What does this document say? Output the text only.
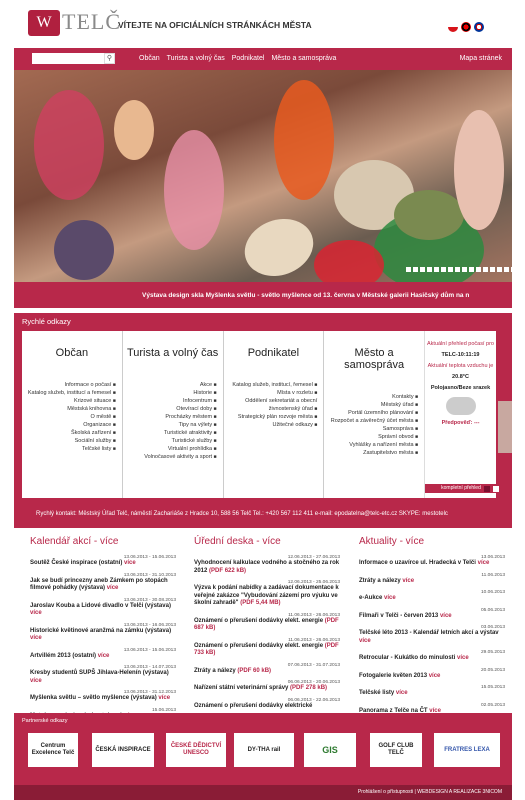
W TELČ
VÍTEJTE NA OFICIÁLNÍCH STRÁNKÁCH MĚSTA
⚲	Občan Turista a volný čas Podnikatel Město a samospráva	Mapa stránek
Výstava design skla Myšlenka světlu - světlo myšlence od 13. června v Městské galerii Hasičský dům na n
Rychlé odkazy
Občan
Informace o počasí ■
Katalog služeb, institucí a řemesel ■
Krizové situace ■
Městská knihovna ■
O městě ■
Organizace ■
Školská zařízení ■
Sociální služby ■
Telčské listy ■
Turista a volný čas
Akce ■
Historie ■
Infocentrum ■
Otevírací doby ■
Procházky městem ■
Tipy na výlety ■
Turistické atraktivity ■
Turistické služby ■
Virtuální prohlídka ■
Volnočasové aktivity a sport ■
Podnikatel
Katalog služeb, institucí, řemesel ■
Místa v rozletu ■
Oddělení sekretariát a obecní živnostenský úřad ■
Strategický plán rozvoje města ■
Užitečné odkazy ■
Město a samospráva
Kontakty ■
Městský úřad ■
Portál územního plánování ■
Rozpočet a závěrečný účet města ■
Samospráva ■
Správní obvod ■
Vyhlášky a nařízení města ■
Zastupitelstvo města ■
Aktuální přehled počasí pro
TELC-10:11:19
Aktuální teplota vzduchu je
20.8°C
Polojasno/Beze srazek
Předpověď: ---
kompletní přehled
Rychlý kontakt: Městský Úřad Telč, náměstí Zachariáše z Hradce 10, 588 56 Telč Tel.: +420 567 112 411 e-mail: epodatelna@telc-etc.cz SKYPE: mestotelc
Kalendář akcí - více
13.06.2013 - 15.06.2013
Soutěž České inspirace (ostatní) více
13.06.2013 - 31.10.2013
Jak se budí princezny aneb Zámkem po stopách filmové pohádky (výstava) více
13.06.2013 - 30.08.2013
Jaroslav Kouba a Lidové divadlo v Telči (výstava) více
13.06.2013 - 16.06.2013
Historické květinové aranžmá na zámku (výstava) více
13.06.2013 - 15.06.2013
Artvillém 2013 (ostatní) více
13.06.2013 - 14.07.2013
Kresby studentů SUPŠ Jihlava-Helenín (výstava) více
13.06.2013 - 31.12.2013
Myšlenka světlu – světlo myšlence (výstava) více
15.06.2013
Úřední deska - více
12.06.2013 - 27.06.2013
Vyhodnocení kalkulace vodného a stočného za rok 2012 (PDF 622 kB)
12.06.2013 - 25.06.2013
Výzva k podání nabídky a zadávací dokumentace k veřejné zakázce "Vybudování zázemí pro výuku ve školní zahradě" (PDF 5,44 MB)
11.06.2013 - 26.06.2013
Oznámení o přerušení dodávky elekt. energie (PDF 687 kB)
11.06.2013 - 26.06.2013
Oznámení o přerušení dodávky elekt. energie (PDF 733 kB)
07.06.2013 - 31.07.2013
Ztráty a nálezy (PDF 60 kB)
06.06.2013 - 20.06.2013
Nařízení státní veterinární správy (PDF 278 kB)
06.06.2013 - 22.06.2013
Oznámení o přerušení dodávky elektrické
Aktuality - více
13.06.2013
Informace o uzavírce ul. Hradecká v Telči více
11.06.2013
Ztráty a nálezy více
10.06.2013
e-Aukce více
05.06.2013
Filmaři v Telči - červen 2013 více
03.06.2013
Telčské léto 2013 - Kalendář letních akcí a výstav více
29.05.2013
Retrocular - Kukátko do minulosti více
20.05.2013
Fotogalerie květen 2013 více
15.05.2013
Telčské listy více
02.05.2013
Panorama z Telče na ČT více
Partnerské odkazy
Centrum Excelence Telč
ČESKÁ INSPIRACE
ČESKÉ DĚDICTVÍ UNESCO
DY-THA rail	GIS	GOLF CLUB TELČ
FRATRES LEXA
Prohlášení o přístupnosti | WEBDESIGN A REALIZACE 3NICOM
